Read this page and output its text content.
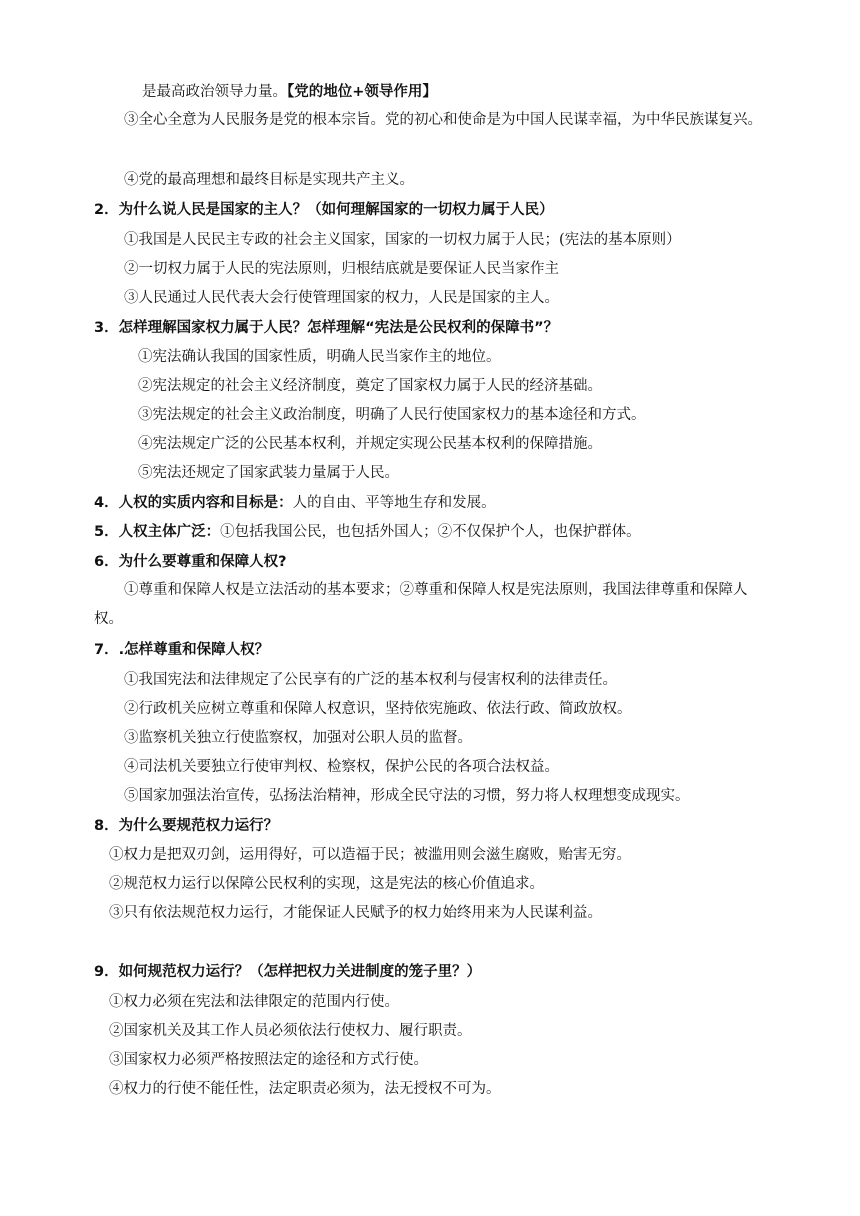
是最高政治领导力量。【党的地位+领导作用】
③全心全意为人民服务是党的根本宗旨。党的初心和使命是为中国人民谋幸福，为中华民族谋复兴。
④党的最高理想和最终目标是实现共产主义。
2．为什么说人民是国家的主人？（如何理解国家的一切权力属于人民）
①我国是人民民主专政的社会主义国家，国家的一切权力属于人民；(宪法的基本原则）
②一切权力属于人民的宪法原则，归根结底就是要保证人民当家作主
③人民通过人民代表大会行使管理国家的权力，人民是国家的主人。
3．怎样理解国家权力属于人民？怎样理解“宪法是公民权利的保障书”？
①宪法确认我国的国家性质，明确人民当家作主的地位。
②宪法规定的社会主义经济制度，奠定了国家权力属于人民的经济基础。
③宪法规定的社会主义政治制度，明确了人民行使国家权力的基本途径和方式。
④宪法规定广泛的公民基本权利，并规定实现公民基本权利的保障措施。
⑤宪法还规定了国家武装力量属于人民。
4．人权的实质内容和目标是：人的自由、平等地生存和发展。
5．人权主体广泛：①包括我国公民，也包括外国人；②不仅保护个人，也保护群体。
6．为什么要尊重和保障人权?
①尊重和保障人权是立法活动的基本要求；②尊重和保障人权是宪法原则，我国法律尊重和保障人权。
7．.怎样尊重和保障人权？
①我国宪法和法律规定了公民享有的广泛的基本权利与侵害权利的法律责任。
②行政机关应树立尊重和保障人权意识，坚持依宪施政、依法行政、简政放权。
③监察机关独立行使监察权，加强对公职人员的监督。
④司法机关要独立行使审判权、检察权，保护公民的各项合法权益。
⑤国家加强法治宣传，弘扬法治精神，形成全民守法的习惯，努力将人权理想变成现实。
8．为什么要规范权力运行？
①权力是把双刃剑，运用得好，可以造福于民；被滥用则会滋生腐败，贻害无穷。
②规范权力运行以保障公民权利的实现，这是宪法的核心价值追求。
③只有依法规范权力运行，才能保证人民赋予的权力始终用来为人民谋利益。
9．如何规范权力运行？（怎样把权力关进制度的笼子里？）
①权力必须在宪法和法律限定的范围内行使。
②国家机关及其工作人员必须依法行使权力、履行职责。
③国家权力必须严格按照法定的途径和方式行使。
④权力的行使不能任性，法定职责必须为，法无授权不可为。
